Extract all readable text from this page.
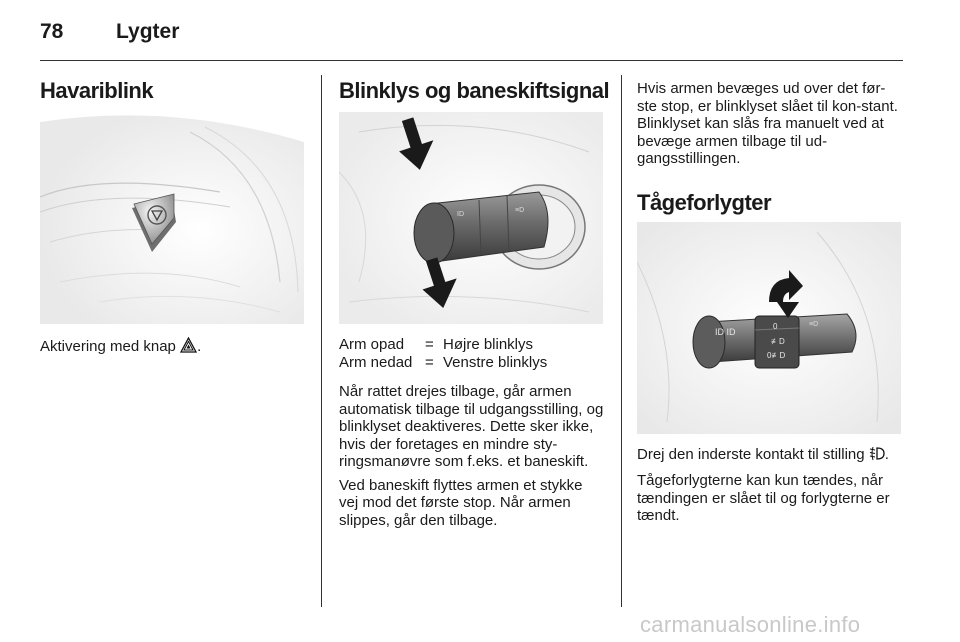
78	Lygter
Havariblink
Aktivering med knap .
Blinklys og baneskiftsignal
ID
≡D
Arm opad	= Højre blinklys
Arm nedad = Venstre blinklys

Når rattet drejes tilbage, går armen automatisk tilbage til udgangsstilling, og blinklyset deaktiveres. Dette sker ikke, hvis der foretages en mindre sty-ringsmanøvre som f.eks. et baneskift.

Ved baneskift flyttes armen et stykke vej mod det første stop. Når armen slippes, går den tilbage.

Hvis armen bevæges ud over det før-ste stop, er blinklyset slået til kon-stant. Blinklyset kan slås fra manuelt ved at bevæge armen tilbage til ud-gangsstillingen.

Tågeforlygter
ID ID
0
≢D
0≢D
≡D
Drej den inderste kontakt til stilling .

Tågeforlygterne kan kun tændes, når tændingen er slået til og forlygterne er tændt.

carmanualsonline.info
